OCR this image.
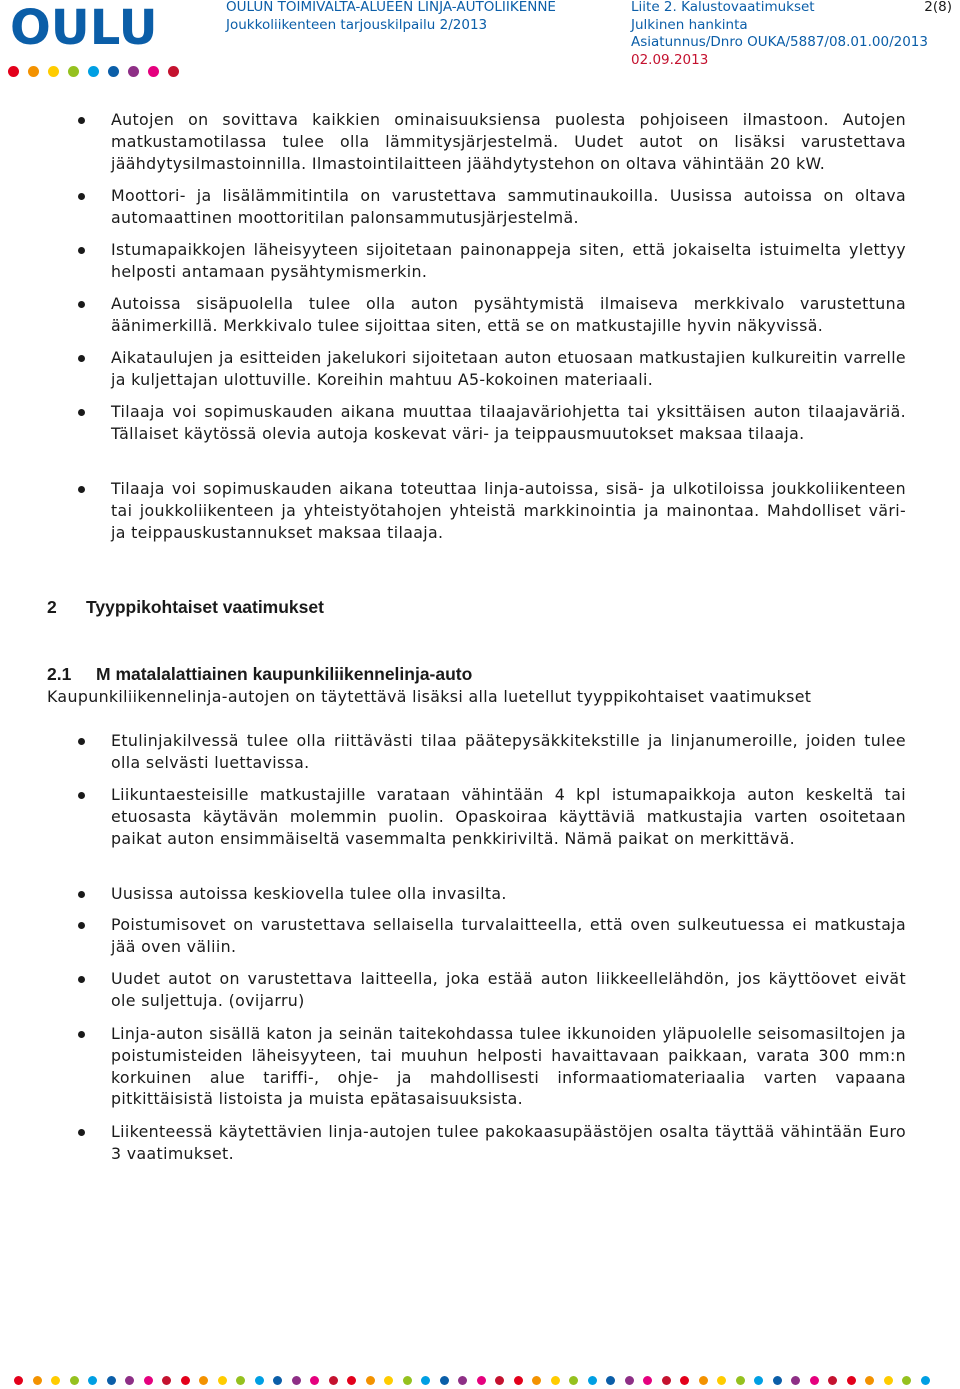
OULU	OULUN TOIMIVALTA-ALUEEN LINJA-AUTOLIIKENNE
Joukkoliikenteen tarjouskilpailu 2/2013
Liite 2. Kalustovaatimukset
Julkinen hankinta
Asiatunnus/Dnro OUKA/5887/08.01.00/2013
02.09.2013
2(8)
Autojen on sovittava kaikkien ominaisuuksiensa puolesta pohjoiseen ilmastoon. Autojen matkustamotilassa tulee olla lämmitysjärjestelmä. Uudet autot on lisäksi varustettava jäähdytysilmastoinnilla. Ilmastointilaitteen jäähdytystehon on oltava vähintään 20 kW.
Moottori- ja lisälämmitintila on varustettava sammutinaukoilla. Uusissa autoissa on oltava automaattinen moottoritilan palonsammutusjärjestelmä.
Istumapaikkojen läheisyyteen sijoitetaan painonappeja siten, että jokaiselta istuimelta ylettyy helposti antamaan pysähtymismerkin.
Autoissa sisäpuolella tulee olla auton pysähtymistä ilmaiseva merkkivalo varustettuna äänimerkillä. Merkkivalo tulee sijoittaa siten, että se on matkustajille hyvin näkyvissä.
Aikataulujen ja esitteiden jakelukori sijoitetaan auton etuosaan matkustajien kulkureitin varrelle ja kuljettajan ulottuville. Koreihin mahtuu A5-kokoinen materiaali.
Tilaaja voi sopimuskauden aikana muuttaa tilaajaväriohjetta tai yksittäisen auton tilaajaväriä. Tällaiset käytössä olevia autoja koskevat väri- ja teippausmuutokset maksaa tilaaja.
Tilaaja voi sopimuskauden aikana toteuttaa linja-autoissa, sisä- ja ulkotiloissa joukkoliikenteen tai joukkoliikenteen ja yhteistyötahojen yhteistä markkinointia ja mainontaa. Mahdolliset väri- ja teippauskustannukset maksaa tilaaja.
2 Tyyppikohtaiset vaatimukset
2.1 M matalalattiainen kaupunkiliikennelinja-auto
Kaupunkiliikennelinja-autojen on täytettävä lisäksi alla luetellut tyyppikohtaiset vaatimukset
Etulinjakilvessä tulee olla riittävästi tilaa päätepysäkkitekstille ja linjanumeroille, joiden tulee olla selvästi luettavissa.
Liikuntaesteisille matkustajille varataan vähintään 4 kpl istumapaikkoja auton keskeltä tai etuosasta käytävän molemmin puolin. Opaskoiraa käyttäviä matkustajia varten osoitetaan paikat auton ensimmäiseltä vasemmalta penkkiriviltä. Nämä paikat on merkittävä.
Uusissa autoissa keskiovella tulee olla invasilta.
Poistumisovet on varustettava sellaisella turvalaitteella, että oven sulkeutuessa ei matkustaja jää oven väliin.
Uudet autot on varustettava laitteella, joka estää auton liikkeellelähdön, jos käyttöovet eivät ole suljettuja. (ovijarru)
Linja-auton sisällä katon ja seinän taitekohdassa tulee ikkunoiden yläpuolelle seisomasiltojen ja poistumisteiden läheisyyteen, tai muuhun helposti havaittavaan paikkaan, varata 300 mm:n korkuinen alue tariffi-, ohje- ja mahdollisesti informaatiomateriaalia varten vapaana pitkittäisistä listoista ja muista epätasaisuuksista.
Liikenteessä käytettävien linja-autojen tulee pakokaasupäästöjen osalta täyttää vähintään Euro 3 vaatimukset.
